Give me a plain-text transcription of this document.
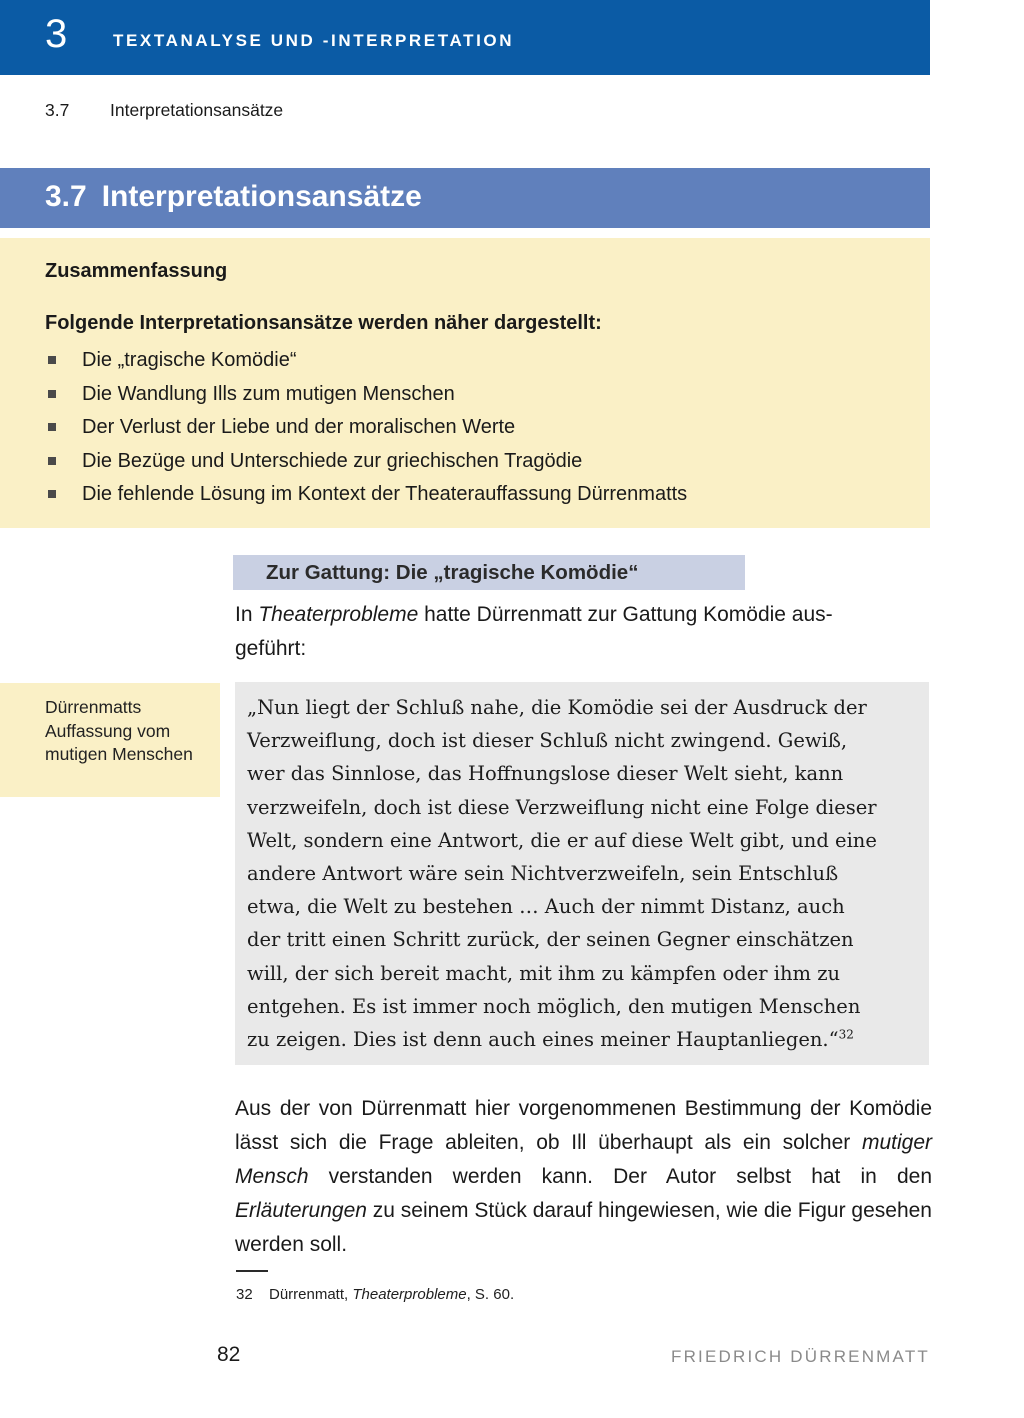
3	TEXTANALYSE UND -INTERPRETATION
3.7 Interpretationsansätze
3.7 Interpretationsansätze
Zusammenfassung

Folgende Interpretationsansätze werden näher dargestellt:

Die „tragische Komödie“
Die Wandlung Ills zum mutigen Menschen
Der Verlust der Liebe und der moralischen Werte
Die Bezüge und Unterschiede zur griechischen Tragödie
Die fehlende Lösung im Kontext der Theaterauffassung Dürrenmatts
Zur Gattung: Die „tragische Komödie“

In Theaterprobleme hatte Dürrenmatt zur Gattung Komödie aus-
geführt:

Dürrenmatts Auffassung vom mutigen Menschen
„Nun liegt der Schluß nahe, die Komödie sei der Ausdruck der
Verzweiflung, doch ist dieser Schluß nicht zwingend. Gewiß,
wer das Sinnlose, das Hoffnungslose dieser Welt sieht, kann
verzweifeln, doch ist diese Verzweiflung nicht eine Folge dieser
Welt, sondern eine Antwort, die er auf diese Welt gibt, und eine
andere Antwort wäre sein Nichtverzweifeln, sein Entschluß
etwa, die Welt zu bestehen … Auch der nimmt Distanz, auch
der tritt einen Schritt zurück, der seinen Gegner einschätzen
will, der sich bereit macht, mit ihm zu kämpfen oder ihm zu
entgehen. Es ist immer noch möglich, den mutigen Menschen
zu zeigen. Dies ist denn auch eines meiner Hauptanliegen.“$^{32}$

Aus der von Dürrenmatt hier vorgenommenen Bestimmung der Komödie lässt sich die Frage ableiten, ob Ill überhaupt als ein solcher mutiger Mensch verstanden werden kann. Der Autor selbst hat in den Erläuterungen zu seinem Stück darauf hingewiesen, wie die Figur gesehen werden soll.

32 Dürrenmatt, Theaterprobleme, S. 60.
82	FRIEDRICH DÜRRENMATT
